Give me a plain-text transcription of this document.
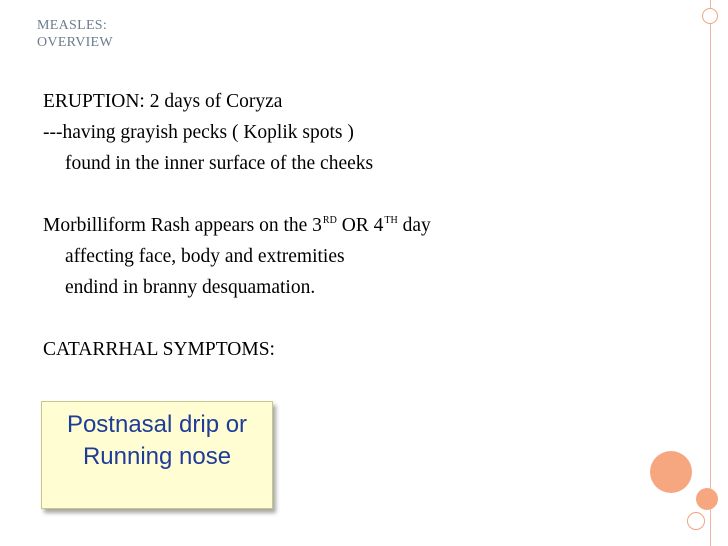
MEASLES:
OVERVIEW
ERUPTION: 2 days of Coryza
---having grayish pecks ( Koplik spots )
found in the inner surface of the cheeks
Morbilliform Rash appears on the 3RD OR 4TH day
affecting face, body and extremities
endind in branny desquamation.
CATARRHAL SYMPTOMS:
Postnasal drip or
Running nose
